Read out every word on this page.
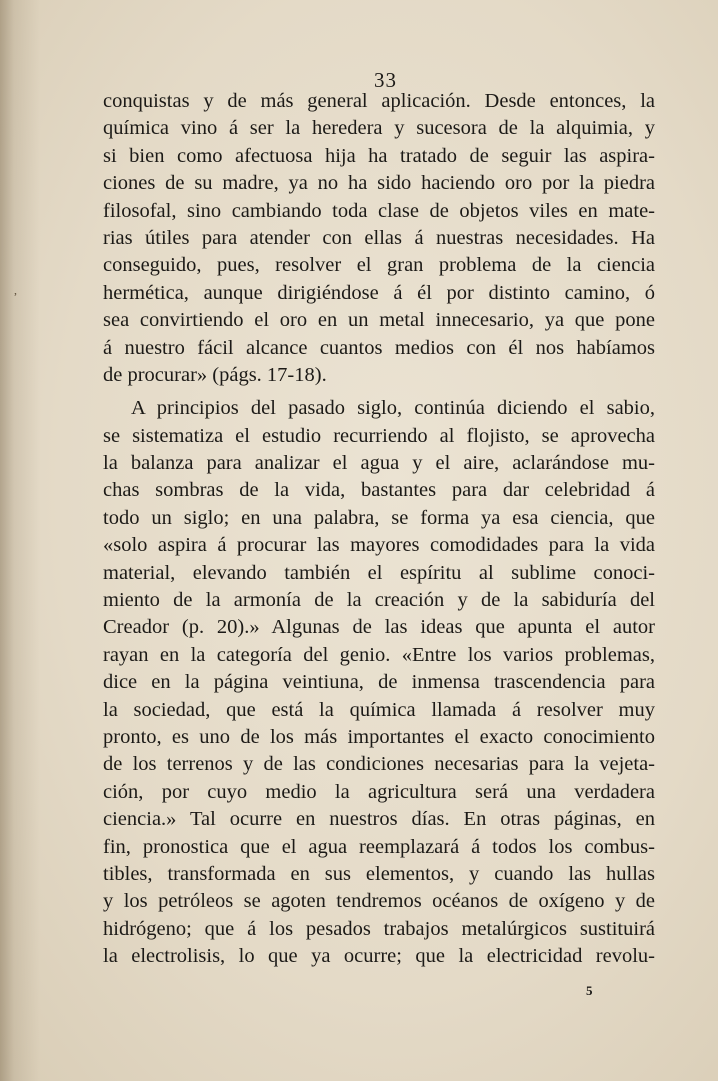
33
,
conquistas y de más general aplicación. Desde entonces, la
química vino á ser la heredera y sucesora de la alquimia, y
si bien como afectuosa hija ha tratado de seguir las aspira-
ciones de su madre, ya no ha sido haciendo oro por la piedra
filosofal, sino cambiando toda clase de objetos viles en mate-
rias útiles para atender con ellas á nuestras necesidades. Ha
conseguido, pues, resolver el gran problema de la ciencia
hermética, aunque dirigiéndose á él por distinto camino, ó
sea convirtiendo el oro en un metal innecesario, ya que pone
á nuestro fácil alcance cuantos medios con él nos habíamos
de procurar» (págs. 17-18).
A principios del pasado siglo, continúa diciendo el sabio,
se sistematiza el estudio recurriendo al flojisto, se aprovecha
la balanza para analizar el agua y el aire, aclarándose mu-
chas sombras de la vida, bastantes para dar celebridad á
todo un siglo; en una palabra, se forma ya esa ciencia, que
«solo aspira á procurar las mayores comodidades para la vida
material, elevando también el espíritu al sublime conoci-
miento de la armonía de la creación y de la sabiduría del
Creador (p. 20).» Algunas de las ideas que apunta el autor
rayan en la categoría del genio. «Entre los varios problemas,
dice en la página veintiuna, de inmensa trascendencia para
la sociedad, que está la química llamada á resolver muy
pronto, es uno de los más importantes el exacto conocimiento
de los terrenos y de las condiciones necesarias para la vejeta-
ción, por cuyo medio la agricultura será una verdadera
ciencia.» Tal ocurre en nuestros días. En otras páginas, en
fin, pronostica que el agua reemplazará á todos los combus-
tibles, transformada en sus elementos, y cuando las hullas
y los petróleos se agoten tendremos océanos de oxígeno y de
hidrógeno; que á los pesados trabajos metalúrgicos sustituirá
la electrolisis, lo que ya ocurre; que la electricidad revolu-
5
